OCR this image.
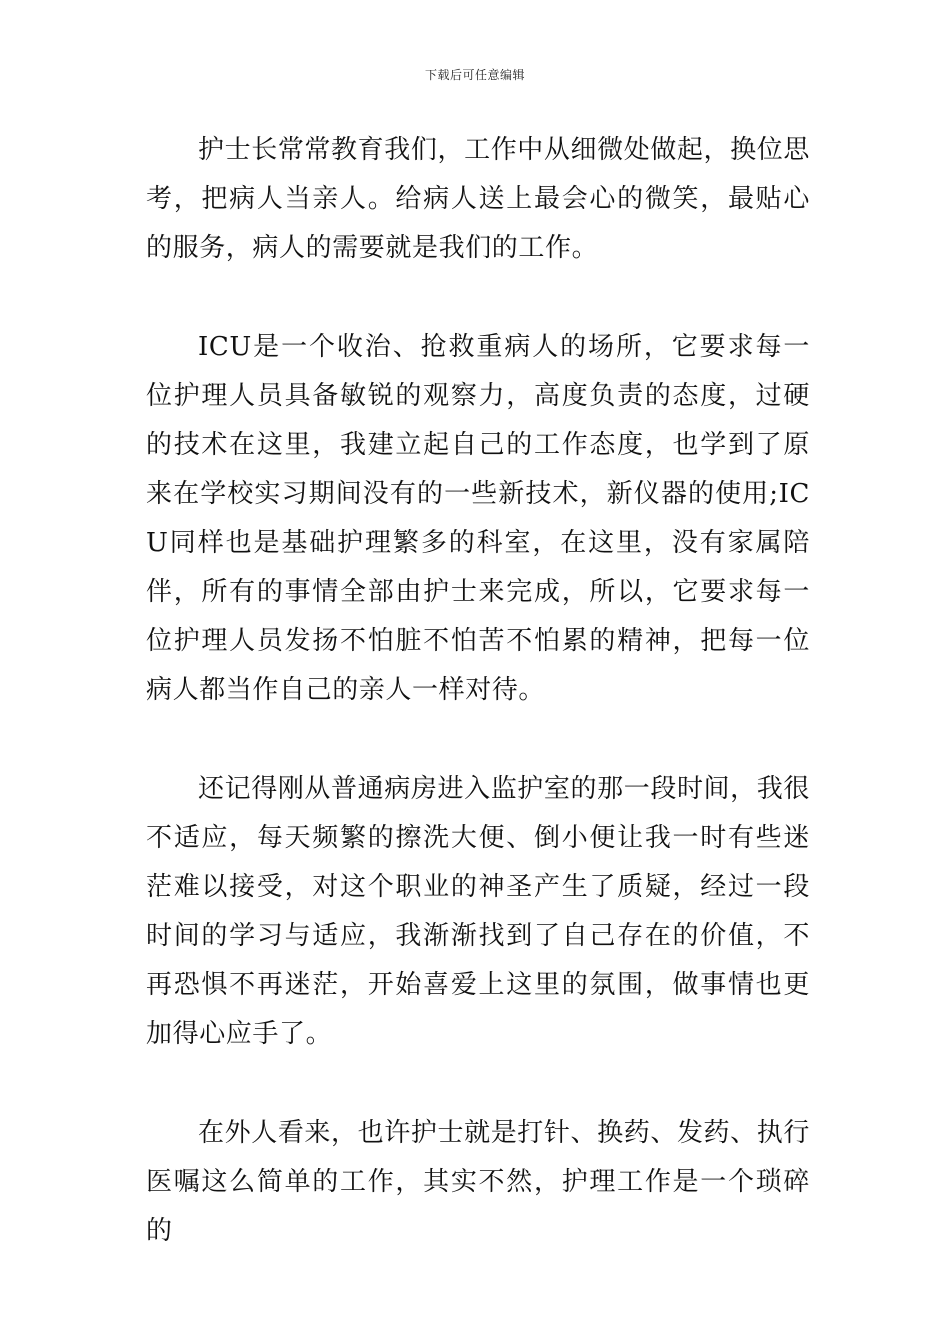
下载后可任意编辑

护士长常常教育我们，工作中从细微处做起，换位思考，把病人当亲人。给病人送上最会心的微笑，最贴心的服务，病人的需要就是我们的工作。

ICU是一个收治、抢救重病人的场所，它要求每一位护理人员具备敏锐的观察力，高度负责的态度，过硬的技术在这里，我建立起自己的工作态度，也学到了原来在学校实习期间没有的一些新技术，新仪器的使用;ICU同样也是基础护理繁多的科室，在这里，没有家属陪伴，所有的事情全部由护士来完成，所以，它要求每一位护理人员发扬不怕脏不怕苦不怕累的精神，把每一位病人都当作自己的亲人一样对待。

还记得刚从普通病房进入监护室的那一段时间，我很不适应，每天频繁的擦洗大便、倒小便让我一时有些迷茫难以接受，对这个职业的神圣产生了质疑，经过一段时间的学习与适应，我渐渐找到了自己存在的价值，不再恐惧不再迷茫，开始喜爱上这里的氛围，做事情也更加得心应手了。

在外人看来，也许护士就是打针、换药、发药、执行医嘱这么简单的工作，其实不然，护理工作是一个琐碎的
